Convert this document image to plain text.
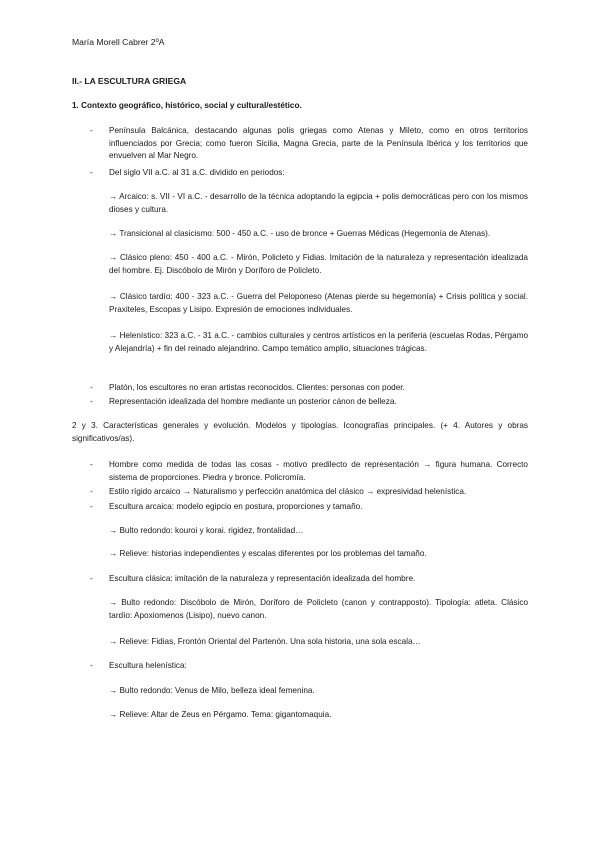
María Morell Cabrer 2ºA
II.- LA ESCULTURA GRIEGA
1. Contexto geográfico, histórico, social y cultural/estético.
- Península Balcánica, destacando algunas polis griegas como Atenas y Mileto, como en otros territorios influenciados por Grecia; como fueron Sicilia, Magna Grecia, parte de la Península Ibérica y los territorios que envuelven al Mar Negro.
- Del siglo VII a.C. al 31 a.C. dividido en periodos:
→ Arcaico: s. VII - VI a.C. - desarrollo de la técnica adoptando la egipcia + polis democráticas pero con los mismos dioses y cultura.
→ Transicional al clasicismo: 500 - 450 a.C. - uso de bronce + Guerras Médicas (Hegemonía de Atenas).
→ Clásico pleno: 450 - 400 a.C. - Mirón, Policleto y Fidias. Imitación de la naturaleza y representación idealizada del hombre. Ej. Discóbolo de Mirón y Doríforo de Policleto.
→ Clásico tardío: 400 - 323 a.C. - Guerra del Peloponeso (Atenas pierde su hegemonía) + Crisis política y social. Praxiteles, Escopas y Lisipo. Expresión de emociones individuales.
→ Helenístico: 323 a.C. - 31 a.C. - cambios culturales y centros artísticos en la periferia (escuelas Rodas, Pérgamo y Alejandría) + fin del reinado alejandrino. Campo temático amplio, situaciones trágicas.
- Platón, los escultores no eran artistas reconocidos. Clientes: personas con poder.
- Representación idealizada del hombre mediante un posterior cánon de belleza.
2 y 3. Características generales y evolución. Modelos y tipologías. Iconografías principales. (+ 4. Autores y obras significativos/as).
- Hombre como medida de todas las cosas - motivo predilecto de representación → figura humana. Correcto sistema de proporciones. Piedra y bronce. Policromía.
- Estilo rígido arcaico → Naturalismo y perfección anatómica del clásico → expresividad helenística.
- Escultura arcaica: modelo egipcio en postura, proporciones y tamaño.
→ Bulto redondo: kouroi y korai. rigidez, frontalidad…
→ Relieve: historias independientes y escalas diferentes por los problemas del tamaño.
- Escultura clásica: imitación de la naturaleza y representación idealizada del hombre.
→ Bulto redondo: Discóbolo de Mirón, Doríforo de Policleto (canon y contrapposto). Tipología: atleta. Clásico tardío: Apoxiomenos (Lisipo), nuevo canon.
→ Relieve: Fidias, Frontón Oriental del Partenón. Una sola historia, una sola escala…
- Escultura helenística:
→ Bulto redondo: Venus de Milo, belleza ideal femenina.
→ Relieve: Altar de Zeus en Pérgamo. Tema: gigantomaquia.
